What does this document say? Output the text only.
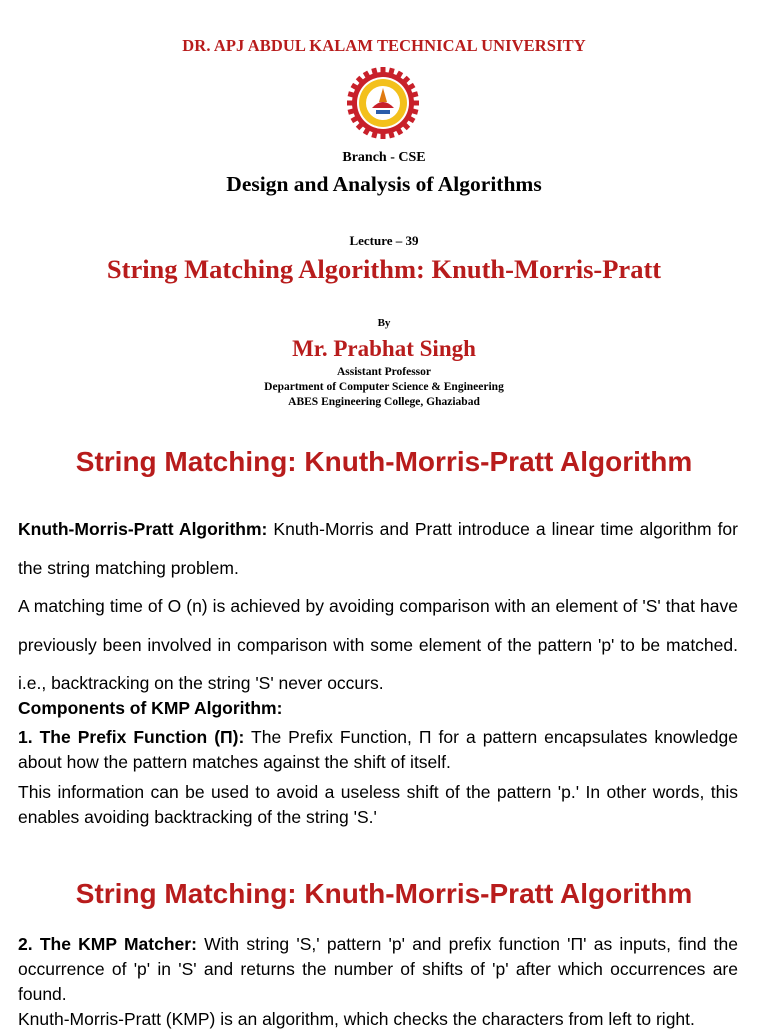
DR. APJ ABDUL KALAM TECHNICAL UNIVERSITY
Branch - CSE
Design and Analysis of Algorithms
Lecture – 39
String Matching Algorithm: Knuth-Morris-Pratt
By
Mr. Prabhat Singh
Assistant Professor
Department of Computer Science & Engineering
ABES Engineering College, Ghaziabad
String Matching: Knuth-Morris-Pratt Algorithm

Knuth-Morris-Pratt Algorithm: Knuth-Morris and Pratt introduce a linear time algorithm for the string matching problem.

A matching time of O (n) is achieved by avoiding comparison with an element of 'S' that have previously been involved in comparison with some element of the pattern 'p' to be matched. i.e., backtracking on the string 'S' never occurs.

Components of KMP Algorithm:

1. The Prefix Function (Π): The Prefix Function, Π for a pattern encapsulates knowledge about how the pattern matches against the shift of itself.

This information can be used to avoid a useless shift of the pattern 'p.' In other words, this enables avoiding backtracking of the string 'S.'

String Matching: Knuth-Morris-Pratt Algorithm

2. The KMP Matcher: With string 'S,' pattern 'p' and prefix function 'Π' as inputs, find the occurrence of 'p' in 'S' and returns the number of shifts of 'p' after which occurrences are found.

Knuth-Morris-Pratt (KMP) is an algorithm, which checks the characters from left to right.
